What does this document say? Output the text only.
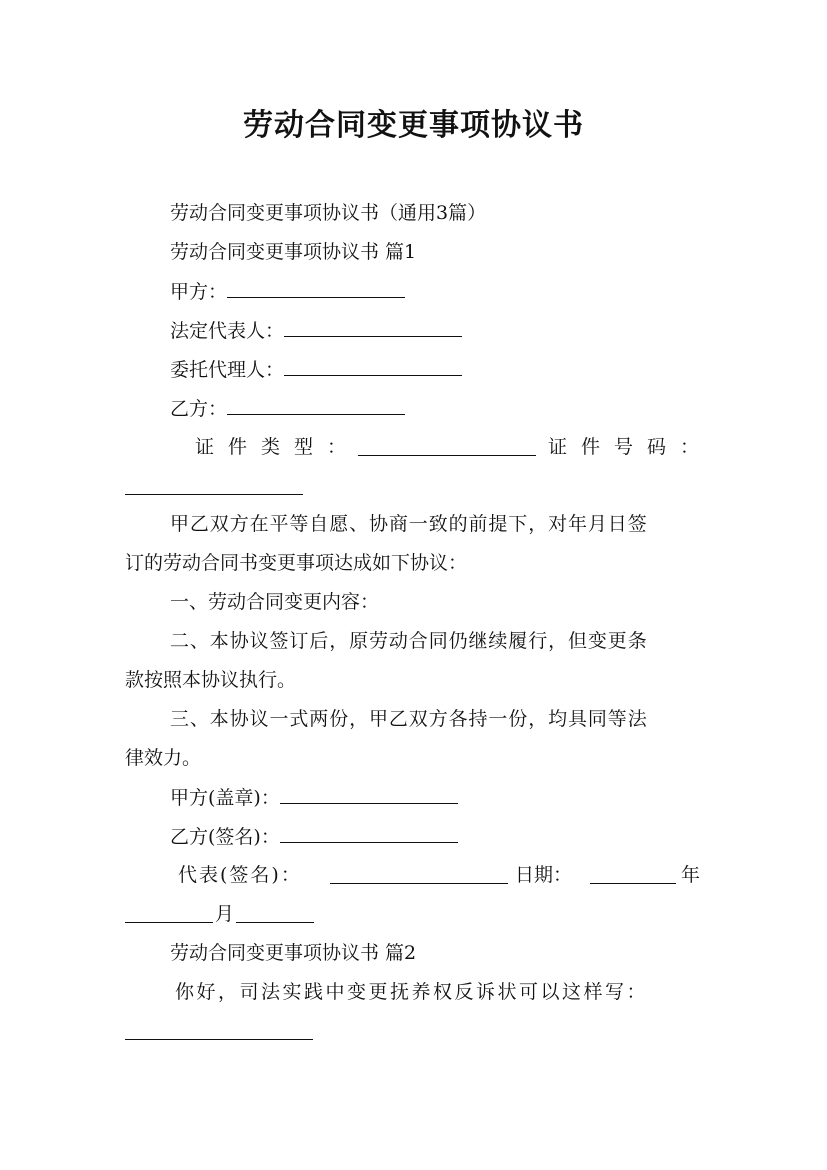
劳动合同变更事项协议书
劳动合同变更事项协议书（通用3篇）
劳动合同变更事项协议书 篇1
甲方：
法定代表人：
委托代理人：
乙方：
证件类型：	证件号码：
甲乙双方在平等自愿、协商一致的前提下，对年月日签
订的劳动合同书变更事项达成如下协议：
一、劳动合同变更内容：
二、本协议签订后，原劳动合同仍继续履行，但变更条
款按照本协议执行。
三、本协议一式两份，甲乙双方各持一份，均具同等法
律效力。
甲方(盖章)：
乙方(签名)：
代表(签名)：	日期：	年
月
劳动合同变更事项协议书 篇2
你好，司法实践中变更抚养权反诉状可以这样写：
